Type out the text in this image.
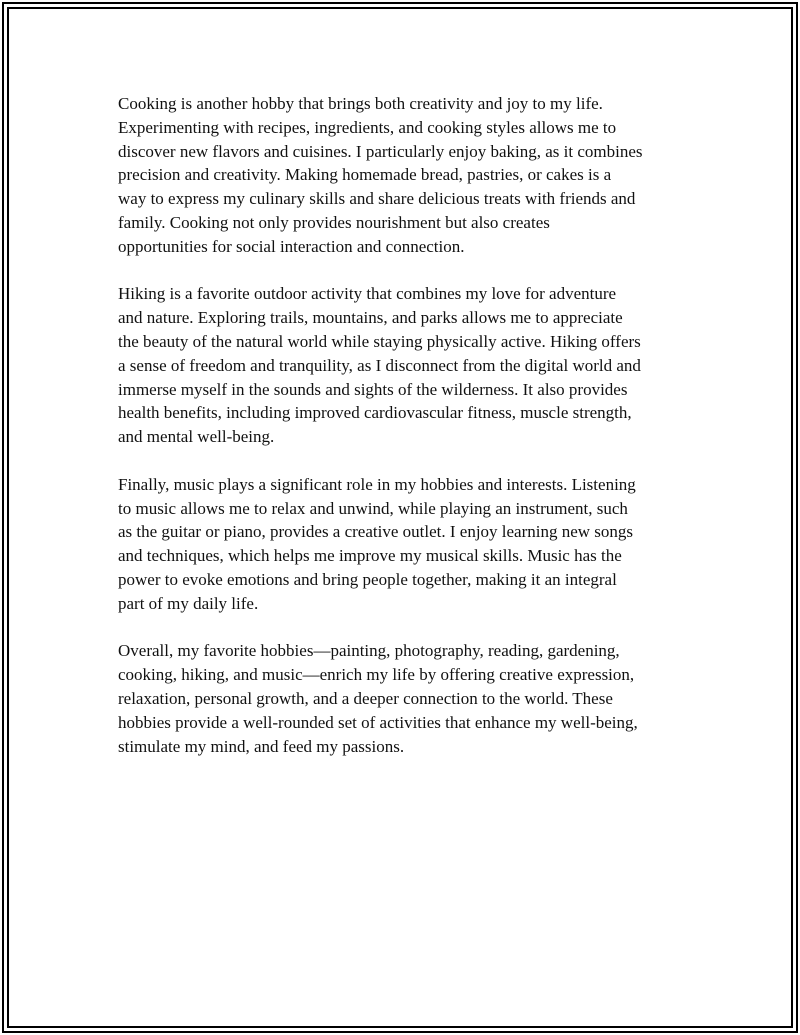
Cooking is another hobby that brings both creativity and joy to my life.
Experimenting with recipes, ingredients, and cooking styles allows me to
discover new flavors and cuisines. I particularly enjoy baking, as it combines
precision and creativity. Making homemade bread, pastries, or cakes is a
way to express my culinary skills and share delicious treats with friends and
family. Cooking not only provides nourishment but also creates
opportunities for social interaction and connection.

Hiking is a favorite outdoor activity that combines my love for adventure
and nature. Exploring trails, mountains, and parks allows me to appreciate
the beauty of the natural world while staying physically active. Hiking offers
a sense of freedom and tranquility, as I disconnect from the digital world and
immerse myself in the sounds and sights of the wilderness. It also provides
health benefits, including improved cardiovascular fitness, muscle strength,
and mental well-being.

Finally, music plays a significant role in my hobbies and interests. Listening
to music allows me to relax and unwind, while playing an instrument, such
as the guitar or piano, provides a creative outlet. I enjoy learning new songs
and techniques, which helps me improve my musical skills. Music has the
power to evoke emotions and bring people together, making it an integral
part of my daily life.

Overall, my favorite hobbies—painting, photography, reading, gardening,
cooking, hiking, and music—enrich my life by offering creative expression,
relaxation, personal growth, and a deeper connection to the world. These
hobbies provide a well-rounded set of activities that enhance my well-being,
stimulate my mind, and feed my passions.
